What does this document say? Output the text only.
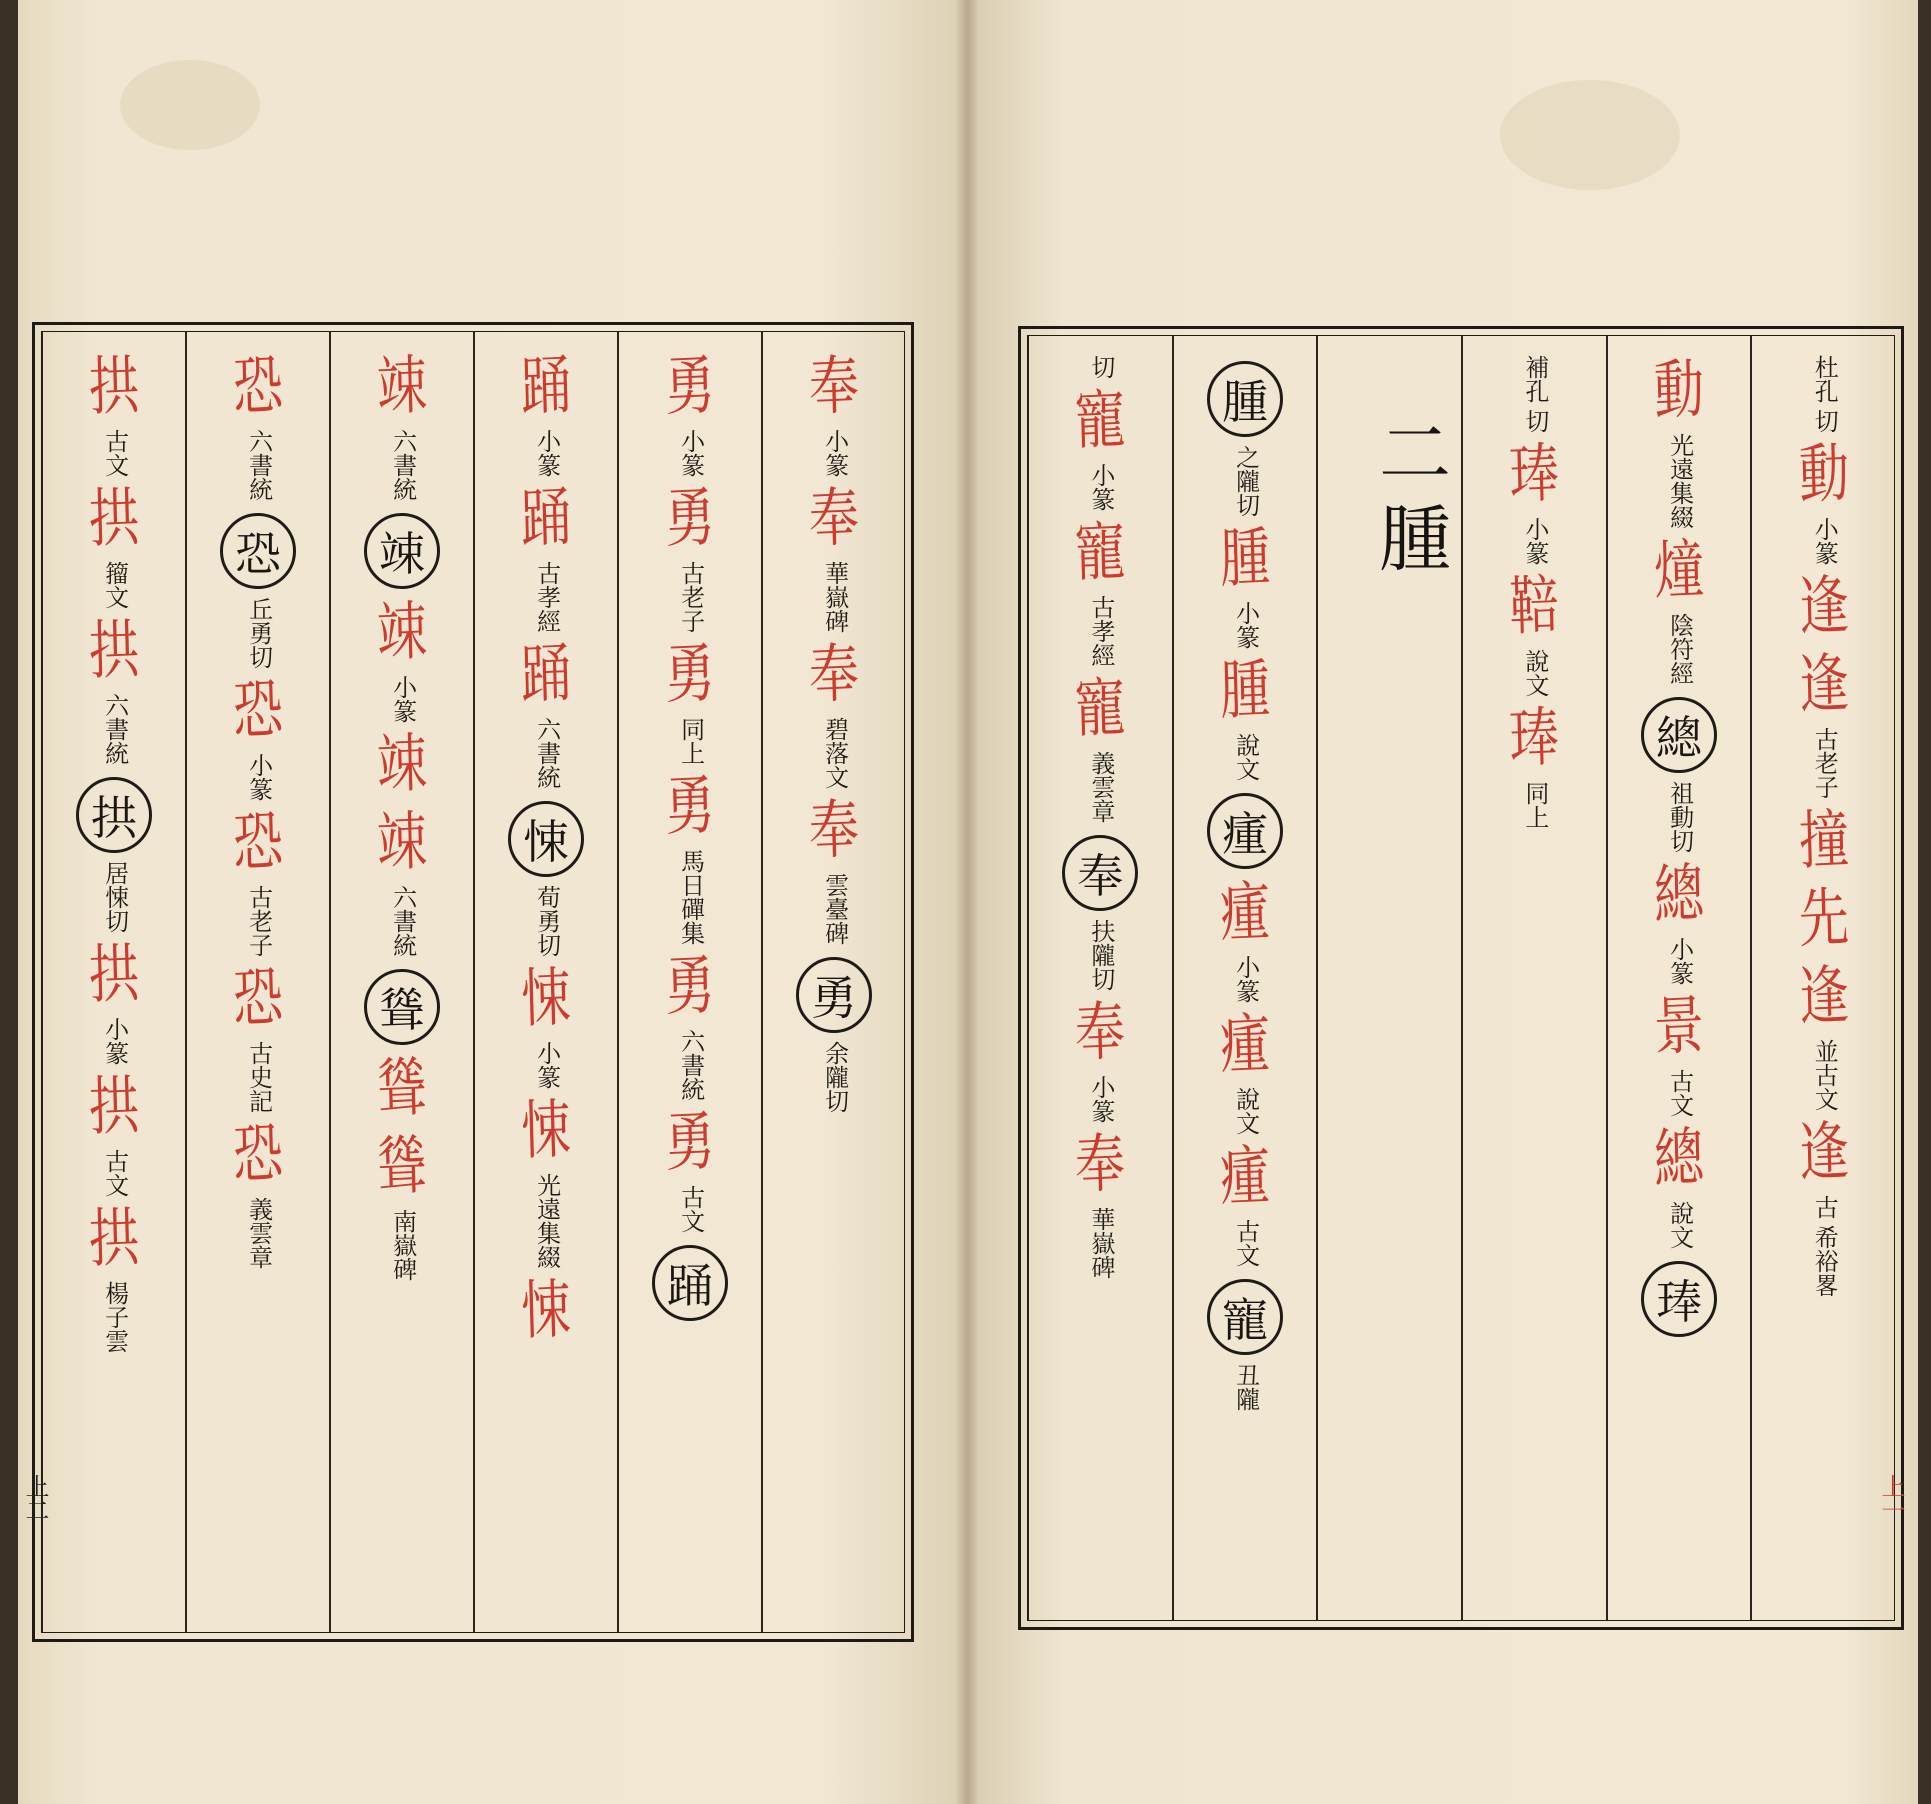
奉
小篆
奉
華嶽碑
奉
碧落文
奉
雲臺碑
勇
余隴切
勇
小篆
勇
古老子
勇
同上
勇
馬日磾集
勇
六書統
勇
古文
踊
踊
小篆
踊
古孝經
踊
六書統
悚
荀勇切
悚
小篆
悚
光遠集綴
悚
竦
六書統
竦
竦
小篆
竦
竦
六書統
聳
聳
聳
南嶽碑
恐
六書統
恐
丘勇切
恐
小篆
恐
古老子
恐
古史記
恐
義雲章
拱
古文
拱
籀文
拱
六書統
拱
居悚切
拱
小篆
拱
古文
拱
楊子雲
杜孔
切
動
小篆
逢
逢
古老子
撞
先
逢
並古文
逢
古
希裕畧
動
光遠集綴
燑
陰符經
總
祖動切
總
小篆
景
古文
總
說文
琫
補孔
切
琫
小篆
鞛
說文
琫
同上
二腫
腫
之隴切
腫
小篆
腫
說文
瘇
瘇
小篆
瘇
說文
瘇
古文
寵
丑隴
切
寵
小篆
寵
古孝經
寵
義雲章
奉
扶隴切
奉
小篆
奉
華嶽碑
上二	上一
